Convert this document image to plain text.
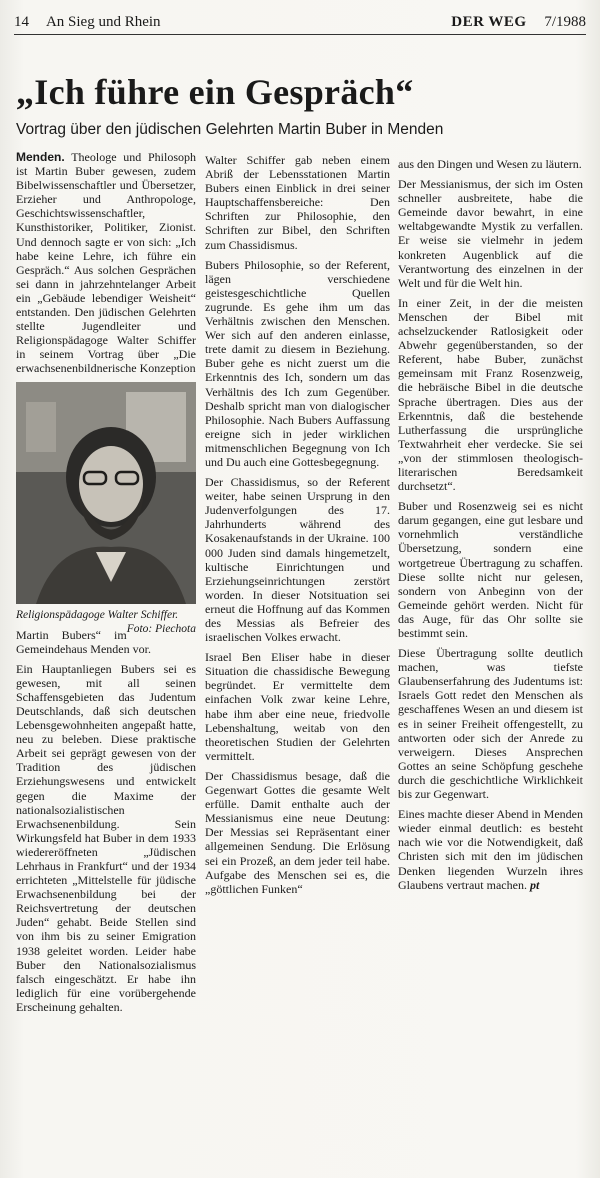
14 An Sieg und Rhein	DER WEG 7/1988
„Ich führe ein Gespräch“
Vortrag über den jüdischen Gelehrten Martin Buber in Menden

Menden. Theologe und Philosoph ist Martin Buber gewesen, zudem Bibelwissenschaftler und Übersetzer, Erzieher und Anthropologe, Geschichtswissenschaftler, Kunsthistoriker, Politiker, Zionist. Und dennoch sagte er von sich: „Ich habe keine Lehre, ich führe ein Gespräch.“ Aus solchen Gesprächen sei dann in jahrzehntelanger Arbeit ein „Gebäude lebendiger Weisheit“ entstanden. Den jüdischen Gelehrten stellte Jugendleiter und Religionspädagoge Walter Schiffer in seinem Vortrag über „Die erwachsenenbildnerische Konzeption

Religionspädagoge Walter Schiffer.
Foto: Piechota

Martin Bubers“ im Gemeindehaus Menden vor.

Ein Hauptanliegen Bubers sei es gewesen, mit all seinen Schaffensgebieten das Judentum Deutschlands, daß sich deutschen Lebensgewohnheiten angepaßt hatte, neu zu beleben. Diese praktische Arbeit sei geprägt gewesen von der Tradition des jüdischen Erziehungswesens und entwickelt gegen die Maxime der nationalsozialistischen Erwachsenenbildung. Sein Wirkungsfeld hat Buber in dem 1933 wiedereröffneten „Jüdischen Lehrhaus in Frankfurt“ und der 1934 errichteten „Mittelstelle für jüdische Erwachsenenbildung bei der Reichsvertretung der deutschen Juden“ gehabt. Beide Stellen sind von ihm bis zu seiner Emigration 1938 geleitet worden. Leider habe Buber den Nationalsozialismus falsch eingeschätzt. Er habe ihn lediglich für eine vorübergehende Erscheinung gehalten.

Walter Schiffer gab neben einem Abriß der Lebensstationen Martin Bubers einen Einblick in drei seiner Hauptschaffensbereiche: Den Schriften zur Philosophie, den Schriften zur Bibel, den Schriften zum Chassidismus.

Bubers Philosophie, so der Referent, lägen verschiedene geistesgeschichtliche Quellen zugrunde. Es gehe ihm um das Verhältnis zwischen den Menschen. Wer sich auf den anderen einlasse, trete damit zu diesem in Beziehung. Buber gehe es nicht zuerst um die Erkenntnis des Ich, sondern um das Verhältnis des Ich zum Gegenüber. Deshalb spricht man von dialogischer Philosophie. Nach Bubers Auffassung ereigne sich in jeder wirklichen mitmenschlichen Begegnung von Ich und Du auch eine Gottesbegegnung.

Der Chassidismus, so der Referent weiter, habe seinen Ursprung in den Judenverfolgungen des 17. Jahrhunderts während des Kosakenaufstands in der Ukraine. 100 000 Juden sind damals hingemetzelt, kultische Einrichtungen und Erziehungseinrichtungen zerstört worden. In dieser Notsituation sei erneut die Hoffnung auf das Kommen des Messias als Befreier des israelischen Volkes erwacht.

Israel Ben Eliser habe in dieser Situation die chassidische Bewegung begründet. Er vermittelte dem einfachen Volk zwar keine Lehre, habe ihm aber eine neue, friedvolle Lebenshaltung, weitab von den theoretischen Studien der Gelehrten vermittelt.

Der Chassidismus besage, daß die Gegenwart Gottes die gesamte Welt erfülle. Damit enthalte auch der Messianismus eine neue Deutung: Der Messias sei Repräsentant einer allgemeinen Sendung. Die Erlösung sei ein Prozeß, an dem jeder teil habe. Aufgabe des Menschen sei es, die „göttlichen Funken“

aus den Dingen und Wesen zu läutern.

Der Messianismus, der sich im Osten schneller ausbreitete, habe die Gemeinde davor bewahrt, in eine weltabgewandte Mystik zu verfallen. Er weise sie vielmehr in jedem konkreten Augenblick auf die Verantwortung des einzelnen in der Welt und für die Welt hin.

In einer Zeit, in der die meisten Menschen der Bibel mit achselzuckender Ratlosigkeit oder Abwehr gegenüberstanden, so der Referent, habe Buber, zunächst gemeinsam mit Franz Rosenzweig, die hebräische Bibel in die deutsche Sprache übertragen. Dies aus der Erkenntnis, daß die bestehende Lutherfassung die ursprüngliche Textwahrheit eher verdecke. Sie sei „von der stimmlosen theologisch-literarischen Beredsamkeit durchsetzt“.

Buber und Rosenzweig sei es nicht darum gegangen, eine gut lesbare und vornehmlich verständliche Übersetzung, sondern eine wortgetreue Übertragung zu schaffen. Diese sollte nicht nur gelesen, sondern von Anbeginn von der Gemeinde gehört werden. Nicht für das Auge, für das Ohr sollte sie bestimmt sein.

Diese Übertragung sollte deutlich machen, was tiefste Glaubenserfahrung des Judentums ist: Israels Gott redet den Menschen als geschaffenes Wesen an und diesem ist es in seiner Freiheit offengestellt, zu antworten oder sich der Anrede zu verweigern. Dieses Ansprechen Gottes an seine Schöpfung geschehe durch die geschichtliche Wirklichkeit bis zur Gegenwart.

Eines machte dieser Abend in Menden wieder einmal deutlich: es besteht nach wie vor die Notwendigkeit, daß Christen sich mit den im jüdischen Denken liegenden Wurzeln ihres Glaubens vertraut machen. pt
